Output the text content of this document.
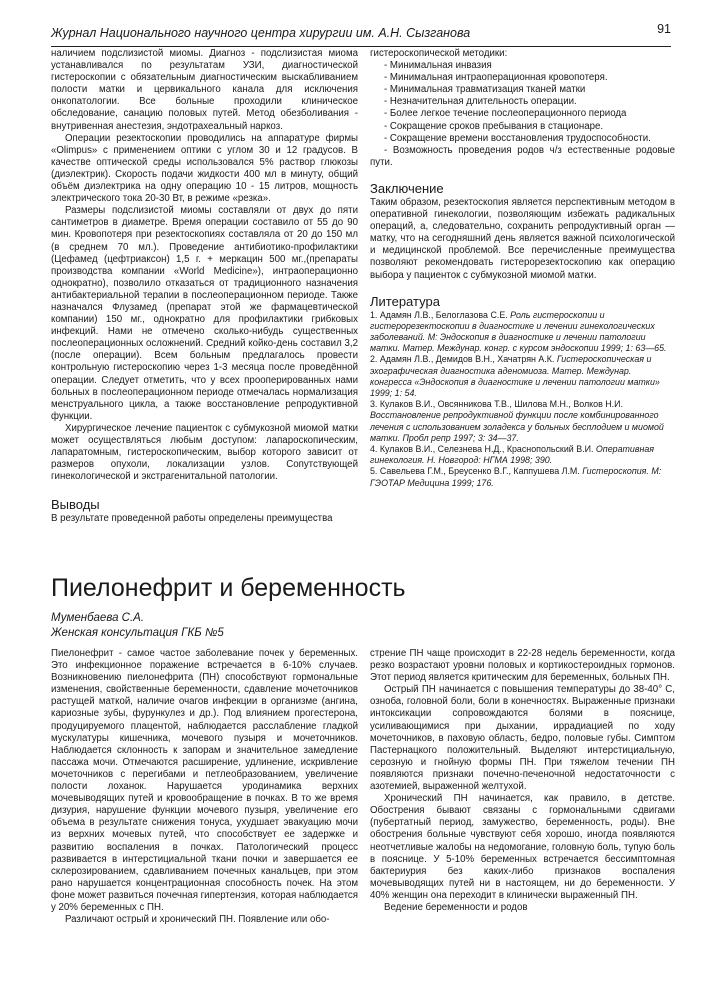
Журнал Национального научного центра хирургии им. А.Н. Сызганова	91

наличием подслизистой миомы. Диагноз - подслизистая миома устанавливался по результатам УЗИ, диагностической гистероскопии с обязательным диагностическим выскабливанием полости матки и цервикального канала для исключения онкопатологии. Все больные проходили клиническое обследование, санацию половых путей. Метод обезболивания - внутривенная анестезия, эндотрахеальный наркоз.

Операции резектоскопии проводились на аппаратуре фирмы «Olimpus» с применением оптики с углом 30 и 12 градусов. В качестве оптической среды использовался 5% раствор глюкозы (диэлектрик). Скорость подачи жидкости 400 мл в минуту, общий объём диэлектрика на одну операцию 10 - 15 литров, мощность электрического тока 20-30 Вт, в режиме «резка».

Размеры подслизистой миомы составляли от двух до пяти сантиметров в диаметре. Время операции составило от 55 до 90 мин. Кровопотеря при резектоскопиях составляла от 20 до 150 мл (в среднем 70 мл.). Проведение антибиотико-профилактики (Цефамед (цефтриаксон) 1,5 г. + меркацин 500 мг.,(препараты производства компании «World Medicine»), интраоперационно однократно), позволило отказаться от традиционного назначения антибактериальной терапии в послеоперационном периоде. Также назначался Флузамед (препарат этой же фармацевтической компании) 150 мг., однократно для профилактики грибковых инфекций. Нами не отмечено сколько-нибудь существенных послеоперационных осложнений. Средний койко-день составил 3,2 (после операции). Всем больным предлагалось провести контрольную гистероскопию через 1-3 месяца после проведённой операции. Следует отметить, что у всех прооперированных нами больных в послеоперационном периоде отмечалась нормализация менструального цикла, а также восстановление репродуктивной функции.

Хирургическое лечение пациенток с субмукозной миомой матки может осуществляться любым доступом: лапароскопическим, лапаратомным, гистероскопическим, выбор которого зависит от размеров опухоли, локализации узлов. Сопутствующей гинекологической и экстрагенитальной патологии.

Выводы

В результате проведенной работы определены преимущества

гистероскопической методики:

- Минимальная инвазия

- Минимальная интраоперационная кровопотеря.

- Минимальная травматизация тканей матки

- Незначительная длительность операции.

- Более легкое течение послеоперационного периода

- Сокращение сроков пребывания в стационаре.

- Сокращение времени восстановления трудоспособности.

- Возможность проведения родов ч/з естественные родовые пути.

Заключение

Таким образом, резектоскопия является перспективным методом в оперативной гинекологии, позволяющим избежать радикальных операций, а, следовательно, сохранить репродуктивный орган — матку, что на сегодняшний день является важной психологической и медицинской проблемой. Все перечисленные преимущества позволяют рекомендовать гистерорезектоскопию как операцию выбора у пациенток с субмукозной миомой матки.

Литература

1. Адамян Л.В., Белоглазова С.Е. Роль гистероскопии и гистерорезектоскопии в диагностике и лечении гинекологических заболеваний. М: Эндоскопия в диагностике и лечении патологии матки. Матер. Междунар. конгр. с курсом эндоскопии 1999; 1: 63—65.

2. Адамян Л.В., Демидов В.Н., Хачатрян А.К. Гистероскопическая и эхографическая диагностика аденомиоза. Матер. Междунар. конгресса «Эндоскопия в диагностике и лечении патологии матки» 1999; 1: 54.

3. Кулаков В.И., Овсянникова Т.В., Шилова М.Н., Волков Н.И. Восстановление репродуктивной функции после комбинированного лечения с использованием золадекса у больных бесплодием и миомой матки. Пробл репр 1997; 3: 34—37.

4. Кулаков В.И., Селезнева Н.Д., Краснопольский В.И. Оперативная гинекология. Н. Новгород: НГМА 1998; 390.

5. Савельева Г.М., Бреусенко В.Г., Каппушева Л.М. Гистероскопия. М: ГЭОТАР Медицина 1999; 176.

Пиелонефрит и беременность
Муменбаева С.А.
Женская консультация ГКБ №5

Пиелонефрит - самое частое заболевание почек у беременных. Это инфекционное поражение встречается в 6-10% случаев. Возникновению пиелонефрита (ПН) способствуют гормональные изменения, свойственные беременности, сдавление мочеточников растущей маткой, наличие очагов инфекции в организме (ангина, кариозные зубы, фурункулез и др.). Под влиянием прогестерона, продуцируемого плацентой, наблюдается расслабление гладкой мускулатуры кишечника, мочевого пузыря и мочеточников. Наблюдается склонность к запорам и значительное замедление пассажа мочи. Отмечаются расширение, удлинение, искривление мочеточников с перегибами и петлеобразованием, увеличение полости лоханок. Нарушается уродинамика верхних мочевыводящих путей и кровообращение в почках. В то же время дизурия, нарушение функции мочевого пузыря, увеличение его объема в результате снижения тонуса, ухудшает эвакуацию мочи из верхних мочевых путей, что способствует ее задержке и развитию воспаления в почках. Патологический процесс развивается в интерстициальной ткани почки и завершается ее склерозированием, сдавливанием почечных канальцев, при этом рано нарушается концентрационная способность почек. На этом фоне может развиться почечная гипертензия, которая наблюдается у 20% беременных с ПН.

Различают острый и хронический ПН. Появление или обо-

стрение ПН чаще происходит в 22-28 недель беременности, когда резко возрастают уровни половых и кортикостероидных гормонов. Этот период является критическим для беременных, больных ПН.

Острый ПН начинается с повышения температуры до 38-40° С, озноба, головной боли, боли в конечностях. Выраженные признаки интоксикации сопровождаются болями в пояснице, усиливающимися при дыхании, иррадиацией по ходу мочеточников, в паховую область, бедро, половые губы. Симптом Пастернацкого положительный. Выделяют интерстициальную, серозную и гнойную формы ПН. При тяжелом течении ПН появляются признаки почечно-печеночной недостаточности с азотемией, выраженной желтухой.

Хронический ПН начинается, как правило, в детстве. Обострения бывают связаны с гормональными сдвигами (пубертатный период, замужество, беременность, роды). Вне обострения больные чувствуют себя хорошо, иногда появляются неотчетливые жалобы на недомогание, головную боль, тупую боль в пояснице. У 5-10% беременных встречается бессимптомная бактериурия без каких-либо признаков воспаления мочевыводящих путей ни в настоящем, ни до беременности. У 40% женщин она переходит в клинически выраженный ПН.

Ведение беременности и родов
